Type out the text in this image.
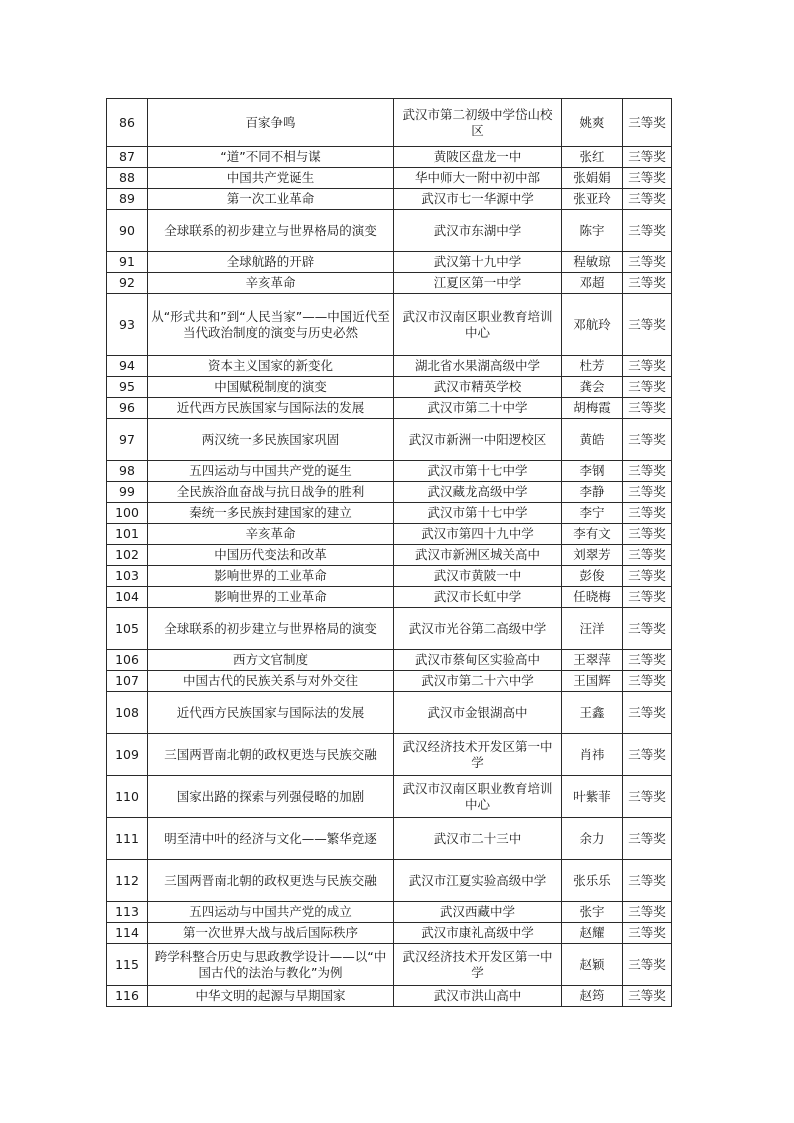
86	百家争鸣	武汉市第二初级中学岱山校区	姚爽	三等奖
87	“道”不同不相与谋	黄陂区盘龙一中	张红	三等奖
88	中国共产党诞生	华中师大一附中初中部	张娟娟	三等奖
89	第一次工业革命	武汉市七一华源中学	张亚玲	三等奖
90	全球联系的初步建立与世界格局的演变	武汉市东湖中学	陈宇	三等奖
91	全球航路的开辟	武汉第十九中学	程敏琼	三等奖
92	辛亥革命	江夏区第一中学	邓超	三等奖
93	从“形式共和”到“人民当家”——中国近代至当代政治制度的演变与历史必然	武汉市汉南区职业教育培训中心	邓航玲	三等奖
94	资本主义国家的新变化	湖北省水果湖高级中学	杜芳	三等奖
95	中国赋税制度的演变	武汉市精英学校	龚会	三等奖
96	近代西方民族国家与国际法的发展	武汉市第二十中学	胡梅霞	三等奖
97	两汉统一多民族国家巩固	武汉市新洲一中阳逻校区	黄皓	三等奖
98	五四运动与中国共产党的诞生	武汉市第十七中学	李钢	三等奖
99	全民族浴血奋战与抗日战争的胜利	武汉藏龙高级中学	李静	三等奖
100	秦统一多民族封建国家的建立	武汉市第十七中学	李宁	三等奖
101	辛亥革命	武汉市第四十九中学	李有文	三等奖
102	中国历代变法和改革	武汉市新洲区城关高中	刘翠芳	三等奖
103	影响世界的工业革命	武汉市黄陂一中	彭俊	三等奖
104	影响世界的工业革命	武汉市长虹中学	任晓梅	三等奖
105	全球联系的初步建立与世界格局的演变	武汉市光谷第二高级中学	汪洋	三等奖
106	西方文官制度	武汉市蔡甸区实验高中	王翠萍	三等奖
107	中国古代的民族关系与对外交往	武汉市第二十六中学	王国辉	三等奖
108	近代西方民族国家与国际法的发展	武汉市金银湖高中	王鑫	三等奖
109	三国两晋南北朝的政权更迭与民族交融	武汉经济技术开发区第一中学	肖祎	三等奖
110	国家出路的探索与列强侵略的加剧	武汉市汉南区职业教育培训中心	叶紫菲	三等奖
111	明至清中叶的经济与文化——繁华竞逐	武汉市二十三中	余力	三等奖
112	三国两晋南北朝的政权更迭与民族交融	武汉市江夏实验高级中学	张乐乐	三等奖
113	五四运动与中国共产党的成立	武汉西藏中学	张宇	三等奖
114	第一次世界大战与战后国际秩序	武汉市康礼高级中学	赵耀	三等奖
115	跨学科整合历史与思政教学设计——以“中国古代的法治与教化”为例	武汉经济技术开发区第一中学	赵颖	三等奖
116	中华文明的起源与早期国家	武汉市洪山高中	赵筠	三等奖
